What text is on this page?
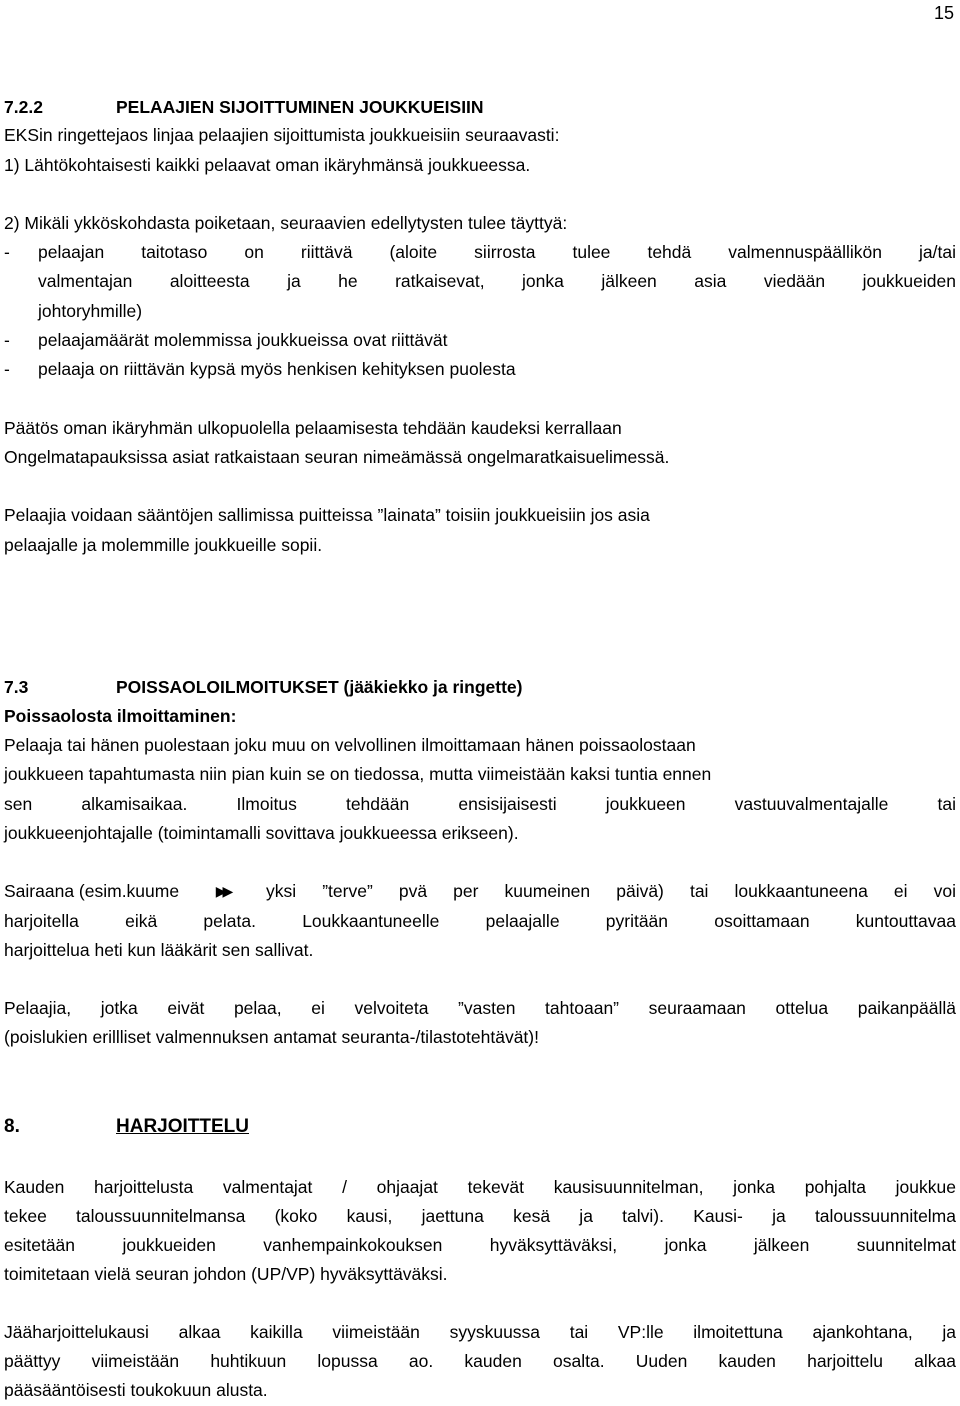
15
7.2.2	PELAAJIEN SIJOITTUMINEN JOUKKUEISIIN
EKSin ringettejaos linjaa pelaajien sijoittumista joukkueisiin seuraavasti:
1) Lähtökohtaisesti kaikki pelaavat oman ikäryhmänsä joukkueessa.
2) Mikäli ykköskohdasta poiketaan, seuraavien edellytysten tulee täyttyä:
- pelaajan taitotaso on riittävä (aloite siirrosta tulee tehdä valmennuspäällikön ja/tai
valmentajan aloitteesta ja he ratkaisevat, jonka jälkeen asia viedään joukkueiden
johtoryhmille)
- pelaajamäärät molemmissa joukkueissa ovat riittävät
- pelaaja on riittävän kypsä myös henkisen kehityksen puolesta
Päätös oman ikäryhmän ulkopuolella pelaamisesta tehdään kaudeksi kerrallaan
Ongelmatapauksissa asiat ratkaistaan seuran nimeämässä ongelmaratkaisuelimessä.
Pelaajia voidaan sääntöjen sallimissa puitteissa ”lainata” toisiin joukkueisiin jos asia
pelaajalle ja molemmille joukkueille sopii.
7.3	POISSAOLOILMOITUKSET (jääkiekko ja ringette)
Poissaolosta ilmoittaminen:
Pelaaja tai hänen puolestaan joku muu on velvollinen ilmoittamaan hänen poissaolostaan
joukkueen tapahtumasta niin pian kuin se on tiedossa, mutta viimeistään kaksi tuntia ennen
sen alkamisaikaa. Ilmoitus tehdään ensisijaisesti joukkueen vastuuvalmentajalle tai
joukkueenjohtajalle (toimintamalli sovittava joukkueessa erikseen).
Sairaana (esim.kuume	▶▶ yksi ”terve” pvä per kuumeinen päivä) tai loukkaantuneena ei voi
harjoitella eikä pelata. Loukkaantuneelle pelaajalle pyritään osoittamaan kuntouttavaa
harjoittelua heti kun lääkärit sen sallivat.
Pelaajia, jotka eivät pelaa, ei velvoiteta ”vasten tahtoaan” seuraamaan ottelua paikanpäällä
(poislukien erillliset valmennuksen antamat seuranta-/tilastotehtävät)!
8.	HARJOITTELU
Kauden harjoittelusta valmentajat / ohjaajat tekevät kausisuunnitelman, jonka pohjalta joukkue
tekee taloussuunnitelmansa (koko kausi, jaettuna kesä ja talvi). Kausi- ja taloussuunnitelma
esitetään joukkueiden vanhempainkokouksen hyväksyttäväksi, jonka jälkeen suunnitelmat
toimitetaan vielä seuran johdon (UP/VP) hyväksyttäväksi.
Jääharjoittelukausi alkaa kaikilla viimeistään syyskuussa tai VP:lle ilmoitettuna ajankohtana, ja
päättyy viimeistään huhtikuun lopussa ao. kauden osalta. Uuden kauden harjoittelu alkaa
pääsääntöisesti toukokuun alusta.
